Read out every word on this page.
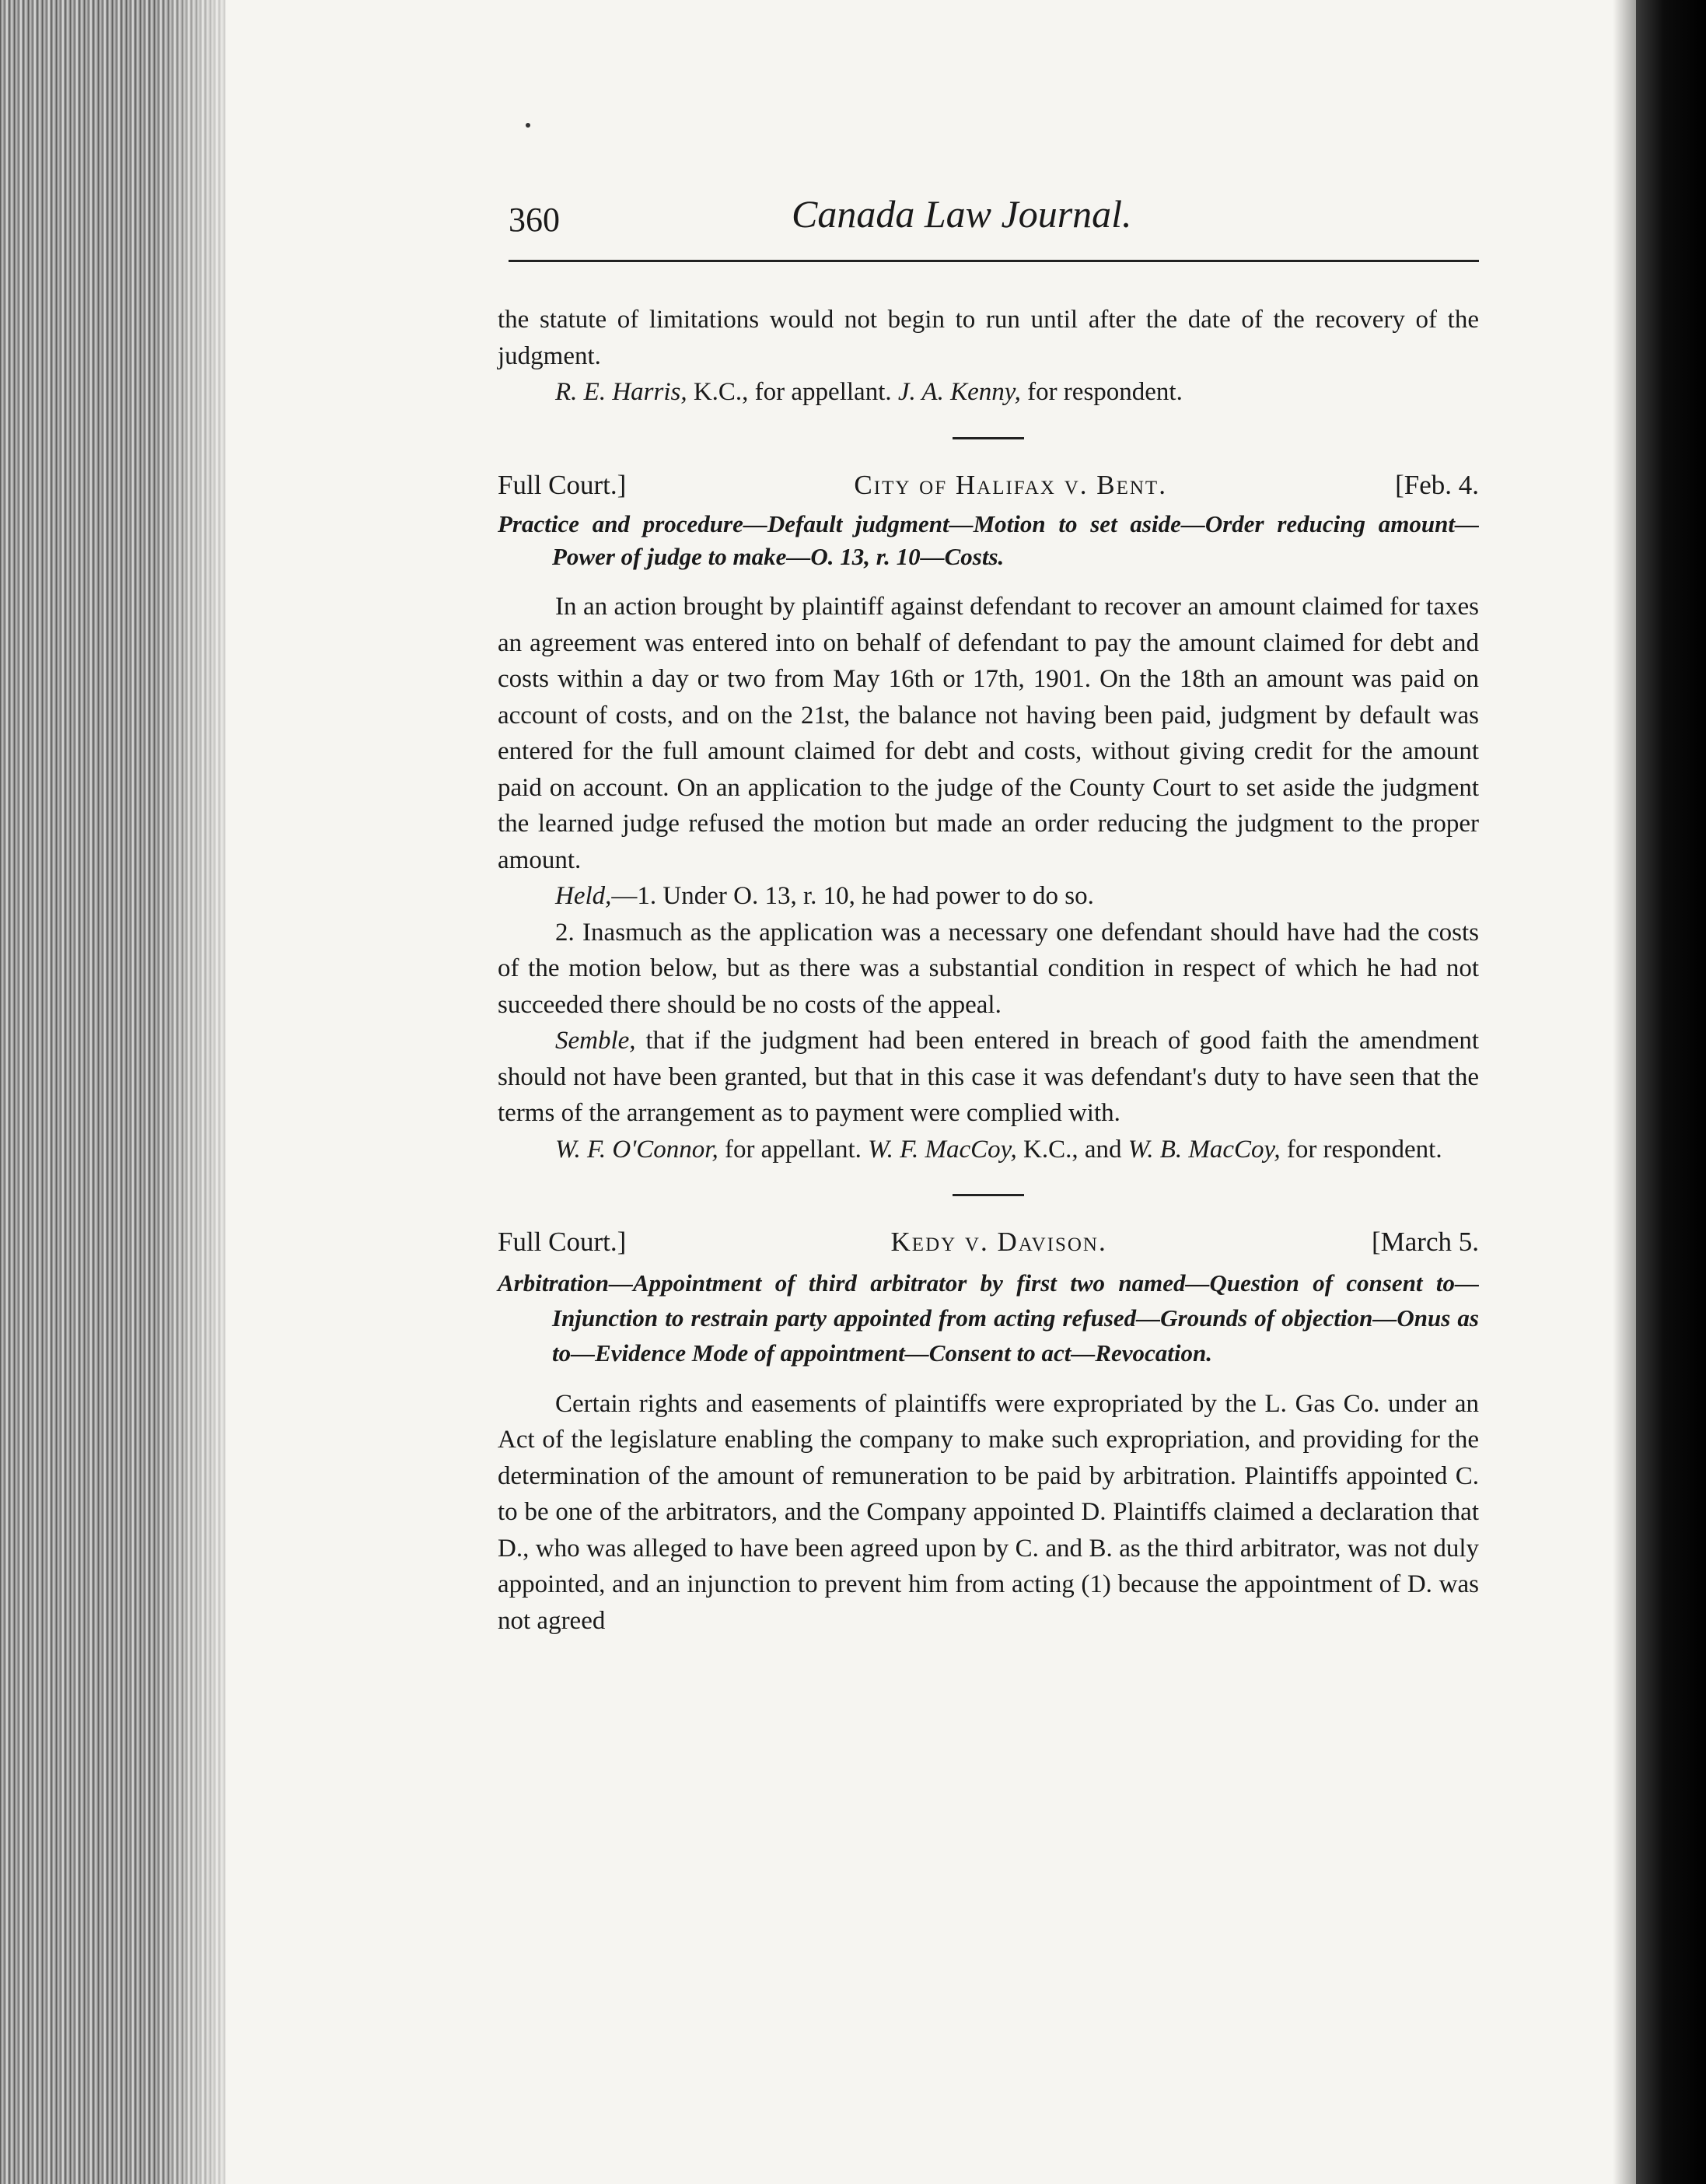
360	Canada Law Journal.

the statute of limitations would not begin to run until after the date of the recovery of the judgment.

R. E. Harris, K.C., for appellant. J. A. Kenny, for respondent.

Full Court.]	City of Halifax v. Bent.	[Feb. 4.

Practice and procedure—Default judgment—Motion to set aside—Order reducing amount—Power of judge to make—O. 13, r. 10—Costs.

In an action brought by plaintiff against defendant to recover an amount claimed for taxes an agreement was entered into on behalf of defendant to pay the amount claimed for debt and costs within a day or two from May 16th or 17th, 1901. On the 18th an amount was paid on account of costs, and on the 21st, the balance not having been paid, judgment by default was entered for the full amount claimed for debt and costs, without giving credit for the amount paid on account. On an application to the judge of the County Court to set aside the judgment the learned judge refused the motion but made an order reducing the judgment to the proper amount.

Held,—1. Under O. 13, r. 10, he had power to do so.

2. Inasmuch as the application was a necessary one defendant should have had the costs of the motion below, but as there was a substantial condition in respect of which he had not succeeded there should be no costs of the appeal.

Semble, that if the judgment had been entered in breach of good faith the amendment should not have been granted, but that in this case it was defendant's duty to have seen that the terms of the arrangement as to payment were complied with.

W. F. O'Connor, for appellant. W. F. MacCoy, K.C., and W. B. MacCoy, for respondent.

Full Court.]	Kedy v. Davison.	[March 5.

Arbitration—Appointment of third arbitrator by first two named—Question of consent to—Injunction to restrain party appointed from acting refused—Grounds of objection—Onus as to—Evidence Mode of appointment—Consent to act—Revocation.

Certain rights and easements of plaintiffs were expropriated by the L. Gas Co. under an Act of the legislature enabling the company to make such expropriation, and providing for the determination of the amount of remuneration to be paid by arbitration. Plaintiffs appointed C. to be one of the arbitrators, and the Company appointed D. Plaintiffs claimed a declaration that D., who was alleged to have been agreed upon by C. and B. as the third arbitrator, was not duly appointed, and an injunction to prevent him from acting (1) because the appointment of D. was not agreed
